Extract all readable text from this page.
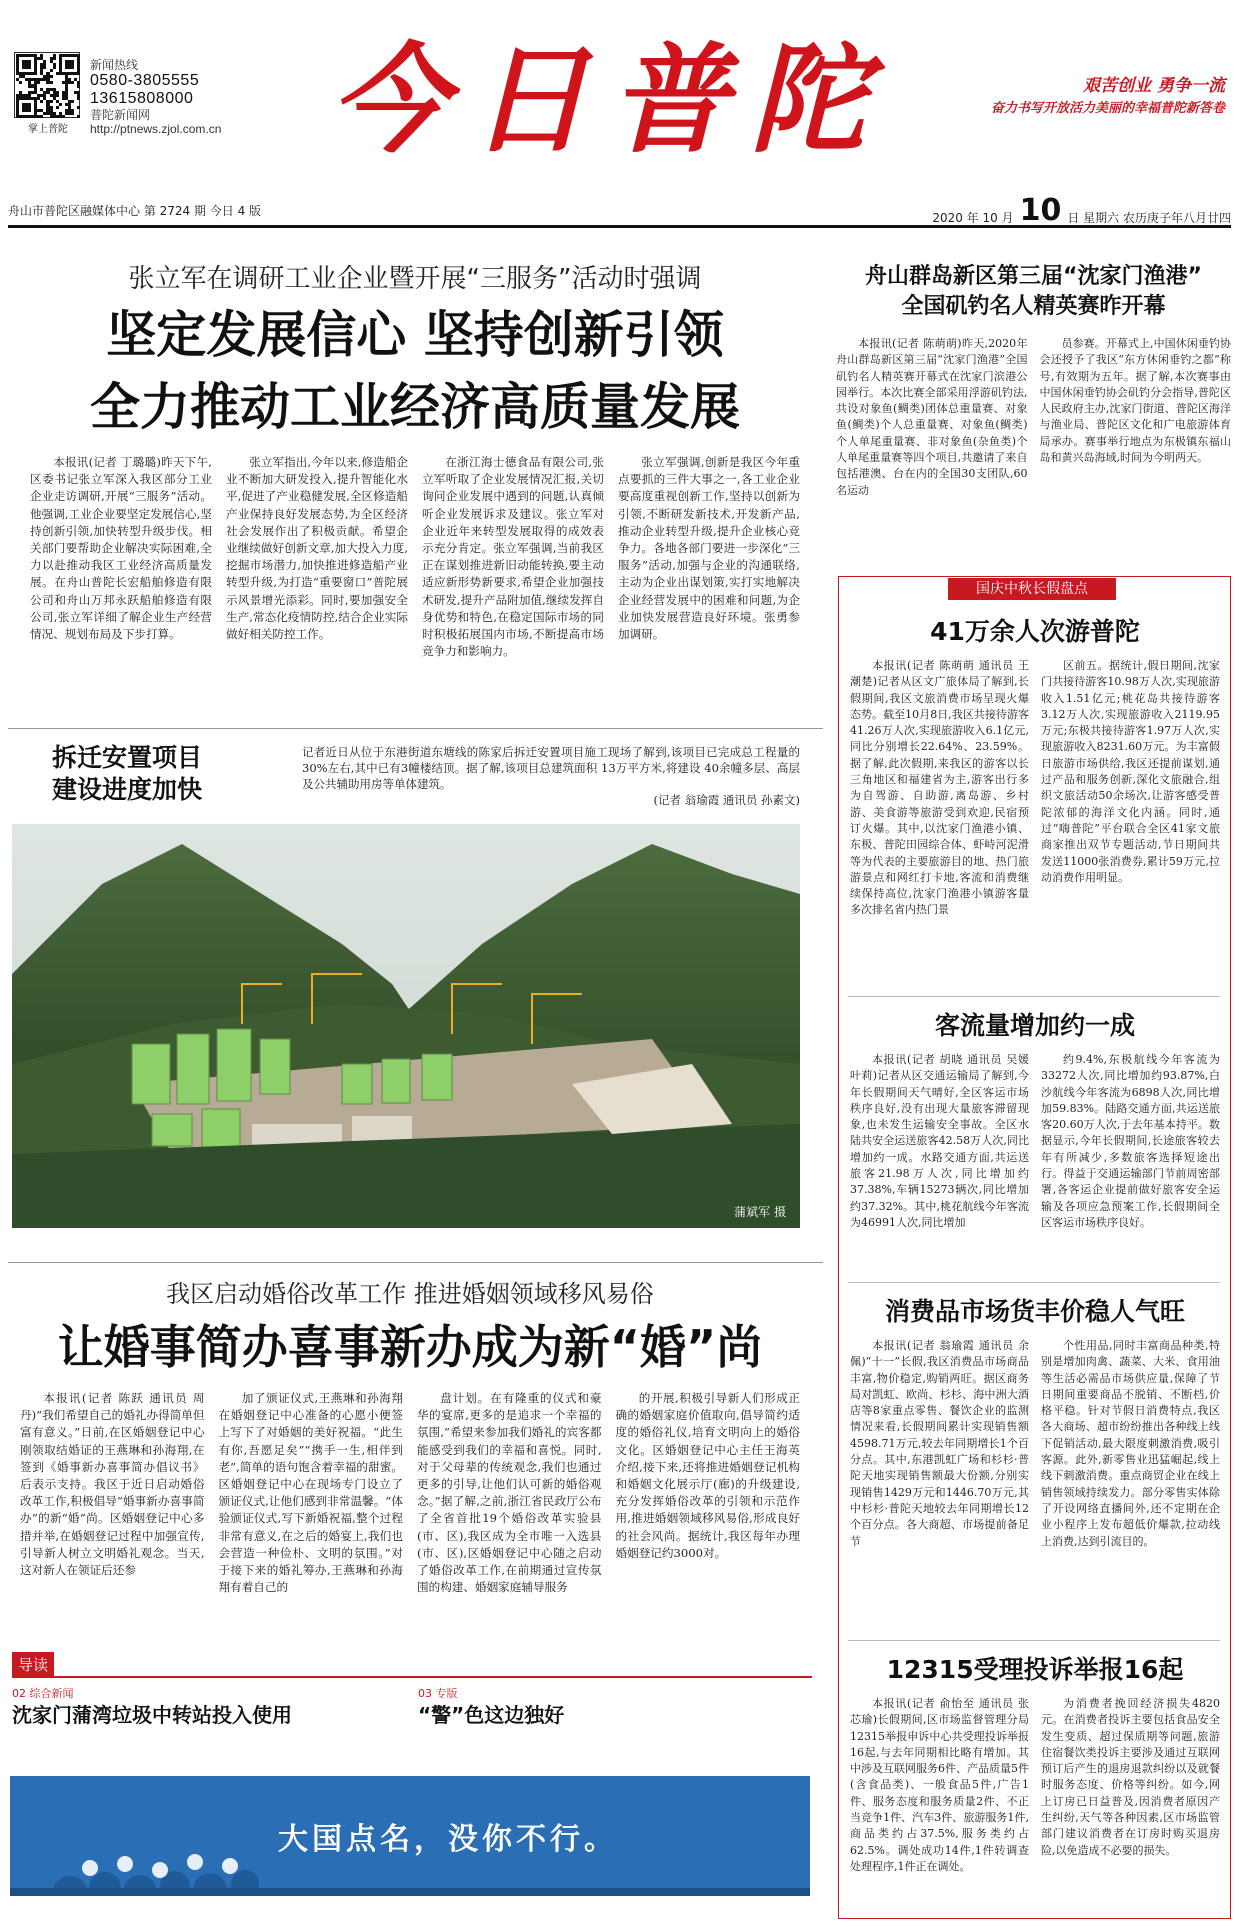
掌上普陀
新闻热线
0580-3805555
13615808000
普陀新闻网
http://ptnews.zjol.com.cn 今日普陀	艰苦创业 勇争一流
奋力书写开放活力美丽的幸福普陀新答卷
舟山市普陀区融媒体中心 第 2724 期 今日 4 版	2020 年 10 月 10 日 星期六 农历庚子年八月廿四
张立军在调研工业企业暨开展“三服务”活动时强调
坚定发展信心 坚持创新引领
全力推动工业经济高质量发展

本报讯(记者 丁璐璐)昨天下午,区委书记张立军深入我区部分工业企业走访调研,开展“三服务”活动。他强调,工业企业要坚定发展信心,坚持创新引领,加快转型升级步伐。相关部门要帮助企业解决实际困难,全力以赴推动我区工业经济高质量发展。在舟山普陀长宏船舶修造有限公司和舟山万邦永跃船舶修造有限公司,张立军详细了解企业生产经营情况、规划布局及下步打算。

张立军指出,今年以来,修造船企业不断加大研发投入,提升智能化水平,促进了产业稳健发展,全区修造船产业保持良好发展态势,为全区经济社会发展作出了积极贡献。希望企业继续做好创新文章,加大投入力度,挖掘市场潜力,加快推进修造船产业转型升级,为打造“重要窗口”普陀展示风景增光添彩。同时,要加强安全生产,常态化疫情防控,结合企业实际做好相关防控工作。

在浙江海士德食品有限公司,张立军听取了企业发展情况汇报,关切询问企业发展中遇到的问题,认真倾听企业发展诉求及建议。张立军对企业近年来转型发展取得的成效表示充分肯定。张立军强调,当前我区正在谋划推进新旧动能转换,要主动适应新形势新要求,希望企业加强技术研发,提升产品附加值,继续发挥自身优势和特色,在稳定国际市场的同时积极拓展国内市场,不断提高市场竞争力和影响力。

张立军强调,创新是我区今年重点要抓的三件大事之一,各工业企业要高度重视创新工作,坚持以创新为引领,不断研发新技术,开发新产品,推动企业转型升级,提升企业核心竞争力。各地各部门要进一步深化“三服务”活动,加强与企业的沟通联络,主动为企业出谋划策,实打实地解决企业经营发展中的困难和问题,为企业加快发展营造良好环境。张勇参加调研。

拆迁安置项目
建设进度加快
记者近日从位于东港街道东塘线的陈家后拆迁安置项目施工现场了解到,该项目已完成总工程量的30%左右,其中已有3幢楼结顶。据了解,该项目总建筑面积 13万平方米,将建设 40余幢多层、高层及公共辅助用房等单体建筑。
(记者 翁瑜霞 通讯员 孙素文)
蒲斌军 摄
我区启动婚俗改革工作 推进婚姻领域移风易俗
让婚事简办喜事新办成为新“婚”尚

本报讯(记者 陈跃 通讯员 周丹)“我们希望自己的婚礼办得简单但富有意义。”日前,在区婚姻登记中心刚领取结婚证的王燕琳和孙海翔,在签到《婚事新办喜事简办倡议书》后表示支持。我区于近日启动婚俗改革工作,积极倡导“婚事新办喜事简办”的新“婚”尚。区婚姻登记中心多措并举,在婚姻登记过程中加强宣传,引导新人树立文明婚礼观念。当天,这对新人在领证后还参

加了颁证仪式,王燕琳和孙海翔在婚姻登记中心准备的心愿小便签上写下了对婚姻的美好祝福。“此生有你,吾愿足矣”“携手一生,相伴到老”,简单的语句饱含着幸福的甜蜜。区婚姻登记中心在现场专门设立了颁证仪式,让他们感到非常温馨。“体验颁证仪式,写下新婚祝福,整个过程非常有意义,在之后的婚宴上,我们也会营造一种俭朴、文明的氛围。”对于接下来的婚礼筹办,王燕琳和孙海翔有着自己的

盘计划。在有隆重的仪式和豪华的宴席,更多的是追求一个幸福的氛围,“希望来参加我们婚礼的宾客都能感受到我们的幸福和喜悦。同时,对于父母辈的传统观念,我们也通过更多的引导,让他们认可新的婚俗观念。”据了解,之前,浙江省民政厅公布了全省首批19个婚俗改革实验县(市、区),我区成为全市唯一入选县(市、区),区婚姻登记中心随之启动了婚俗改革工作,在前期通过宣传氛围的构建、婚姻家庭辅导服务

的开展,积极引导新人们形成正确的婚姻家庭价值取向,倡导简约适度的婚俗礼仪,培育文明向上的婚俗文化。区婚姻登记中心主任王海英介绍,接下来,还将推进婚姻登记机构和婚姻文化展示厅(廊)的升级建设,充分发挥婚俗改革的引领和示范作用,推进婚姻领域移风易俗,形成良好的社会风尚。据统计,我区每年办理婚姻登记约3000对。

导读
02 综合新闻
沈家门蒲湾垃圾中转站投入使用
03 专版
“警”色这边独好
大国点名，没你不行。
舟山群岛新区第三届“沈家门渔港”
全国矶钓名人精英赛昨开幕

本报讯(记者 陈萌萌)昨天,2020年舟山群岛新区第三届“沈家门渔港”全国矶钓名人精英赛开幕式在沈家门滨港公园举行。本次比赛全部采用浮游矶钓法,共设对象鱼(鲷类)团体总重量赛、对象鱼(鲷类)个人总重量赛、对象鱼(鲷类)个人单尾重量赛、非对象鱼(杂鱼类)个人单尾重量赛等四个项目,共邀请了来自包括港澳、台在内的全国30支团队,60名运动

员参赛。开幕式上,中国休闲垂钓协会还授予了我区“东方休闲垂钓之都”称号,有效期为五年。据了解,本次赛事由中国休闲垂钓协会矶钓分会指导,普陀区人民政府主办,沈家门街道、普陀区海洋与渔业局、普陀区文化和广电旅游体育局承办。赛事举行地点为东极镇东福山岛和黄兴岛海域,时间为今明两天。

国庆中秋长假盘点
41万余人次游普陀

本报讯(记者 陈萌萌 通讯员 王潮楚)记者从区文广旅体局了解到,长假期间,我区文旅消费市场呈现火爆态势。截至10月8日,我区共接待游客41.26万人次,实现旅游收入6.1亿元,同比分别增长22.64%、23.59%。据了解,此次假期,来我区的游客以长三角地区和福建省为主,游客出行多为自驾游、自助游,离岛游、乡村游、美食游等旅游受到欢迎,民宿预订火爆。其中,以沈家门渔港小镇、东极、普陀田园综合体、虾峙河泥滑等为代表的主要旅游目的地、热门旅游景点和网红打卡地,客流和消费继续保持高位,沈家门渔港小镇游客量多次排名省内热门景

区前五。据统计,假日期间,沈家门共接待游客10.98万人次,实现旅游收入1.51亿元;桃花岛共接待游客3.12万人次,实现旅游收入2119.95万元;东极共接待游客1.97万人次,实现旅游收入8231.60万元。为丰富假日旅游市场供给,我区还提前谋划,通过产品和服务创新,深化文旅融合,组织文旅活动50余场次,让游客感受普陀浓郁的海洋文化内涵。同时,通过“嗨普陀”平台联合全区41家文旅商家推出双节专题活动,节日期间共发送11000张消费券,累计59万元,拉动消费作用明显。

客流量增加约一成

本报讯(记者 胡晓 通讯员 吴媛 叶莉)记者从区交通运输局了解到,今年长假期间天气晴好,全区客运市场秩序良好,没有出现大量旅客滞留现象,也未发生运输安全事故。全区水陆共安全运送旅客42.58万人次,同比增加约一成。水路交通方面,共运送旅客21.98万人次,同比增加约37.38%,车辆15273辆次,同比增加约37.32%。其中,桃花航线今年客流为46991人次,同比增加

约9.4%,东极航线今年客流为33272人次,同比增加约93.87%,白沙航线今年客流为6898人次,同比增加59.83%。陆路交通方面,共运送旅客20.60万人次,于去年基本持平。数据显示,今年长假期间,长途旅客较去年有所减少,多数旅客选择短途出行。得益于交通运输部门节前周密部署,各客运企业提前做好旅客安全运输及各项应急预案工作,长假期间全区客运市场秩序良好。

消费品市场货丰价稳人气旺

本报讯(记者 翁瑜霞 通讯员 余佩)“十一”长假,我区消费品市场商品丰富,物价稳定,购销两旺。据区商务局对凯虹、欧尚、杉杉、海中洲大酒店等8家重点零售、餐饮企业的监测情况来看,长假期间累计实现销售额4598.71万元,较去年同期增长1个百分点。其中,东港凯虹广场和杉杉·普陀天地实现销售额最大份额,分别实现销售1429万元和1446.70万元,其中杉杉·普陀天地较去年同期增长12个百分点。各大商超、市场提前备足节

个性用品,同时丰富商品种类,特别是增加肉禽、蔬菜、大米、食用油等生活必需品市场供应量,保障了节日期间重要商品不脱销、不断档,价格平稳。针对节假日消费特点,我区各大商场、超市纷纷推出各种线上线下促销活动,最大限度刺激消费,吸引客源。此外,新零售业迅猛崛起,线上线下刺激消费。重点商贸企业在线上销售领域持续发力。部分零售实体除了开设网络直播间外,还不定期在企业小程序上发布超低价爆款,拉动线上消费,达到引流目的。

12315受理投诉举报16起

本报讯(记者 俞怡至 通讯员 张芯瑜)长假期间,区市场监督管理分局12315举报申诉中心共受理投诉举报16起,与去年同期相比略有增加。其中涉及互联网服务6件、产品质量5件(含食品类)、一般食品5件,广告1件、服务态度和服务质量2件、不正当竞争1件、汽车3件、旅游服务1件,商品类约占37.5%,服务类约占62.5%。调处成功14件,1件转调查处理程序,1件正在调处。

为消费者挽回经济损失4820元。在消费者投诉主要包括食品安全发生变质、超过保质期等问题,旅游住宿餐饮类投诉主要涉及通过互联网预订后产生的退房退款纠纷以及就餐时服务态度、价格等纠纷。如今,网上订房已日益普及,因消费者原因产生纠纷,天气等各种因素,区市场监管部门建议消费者在订房时购买退房险,以免造成不必要的损失。
